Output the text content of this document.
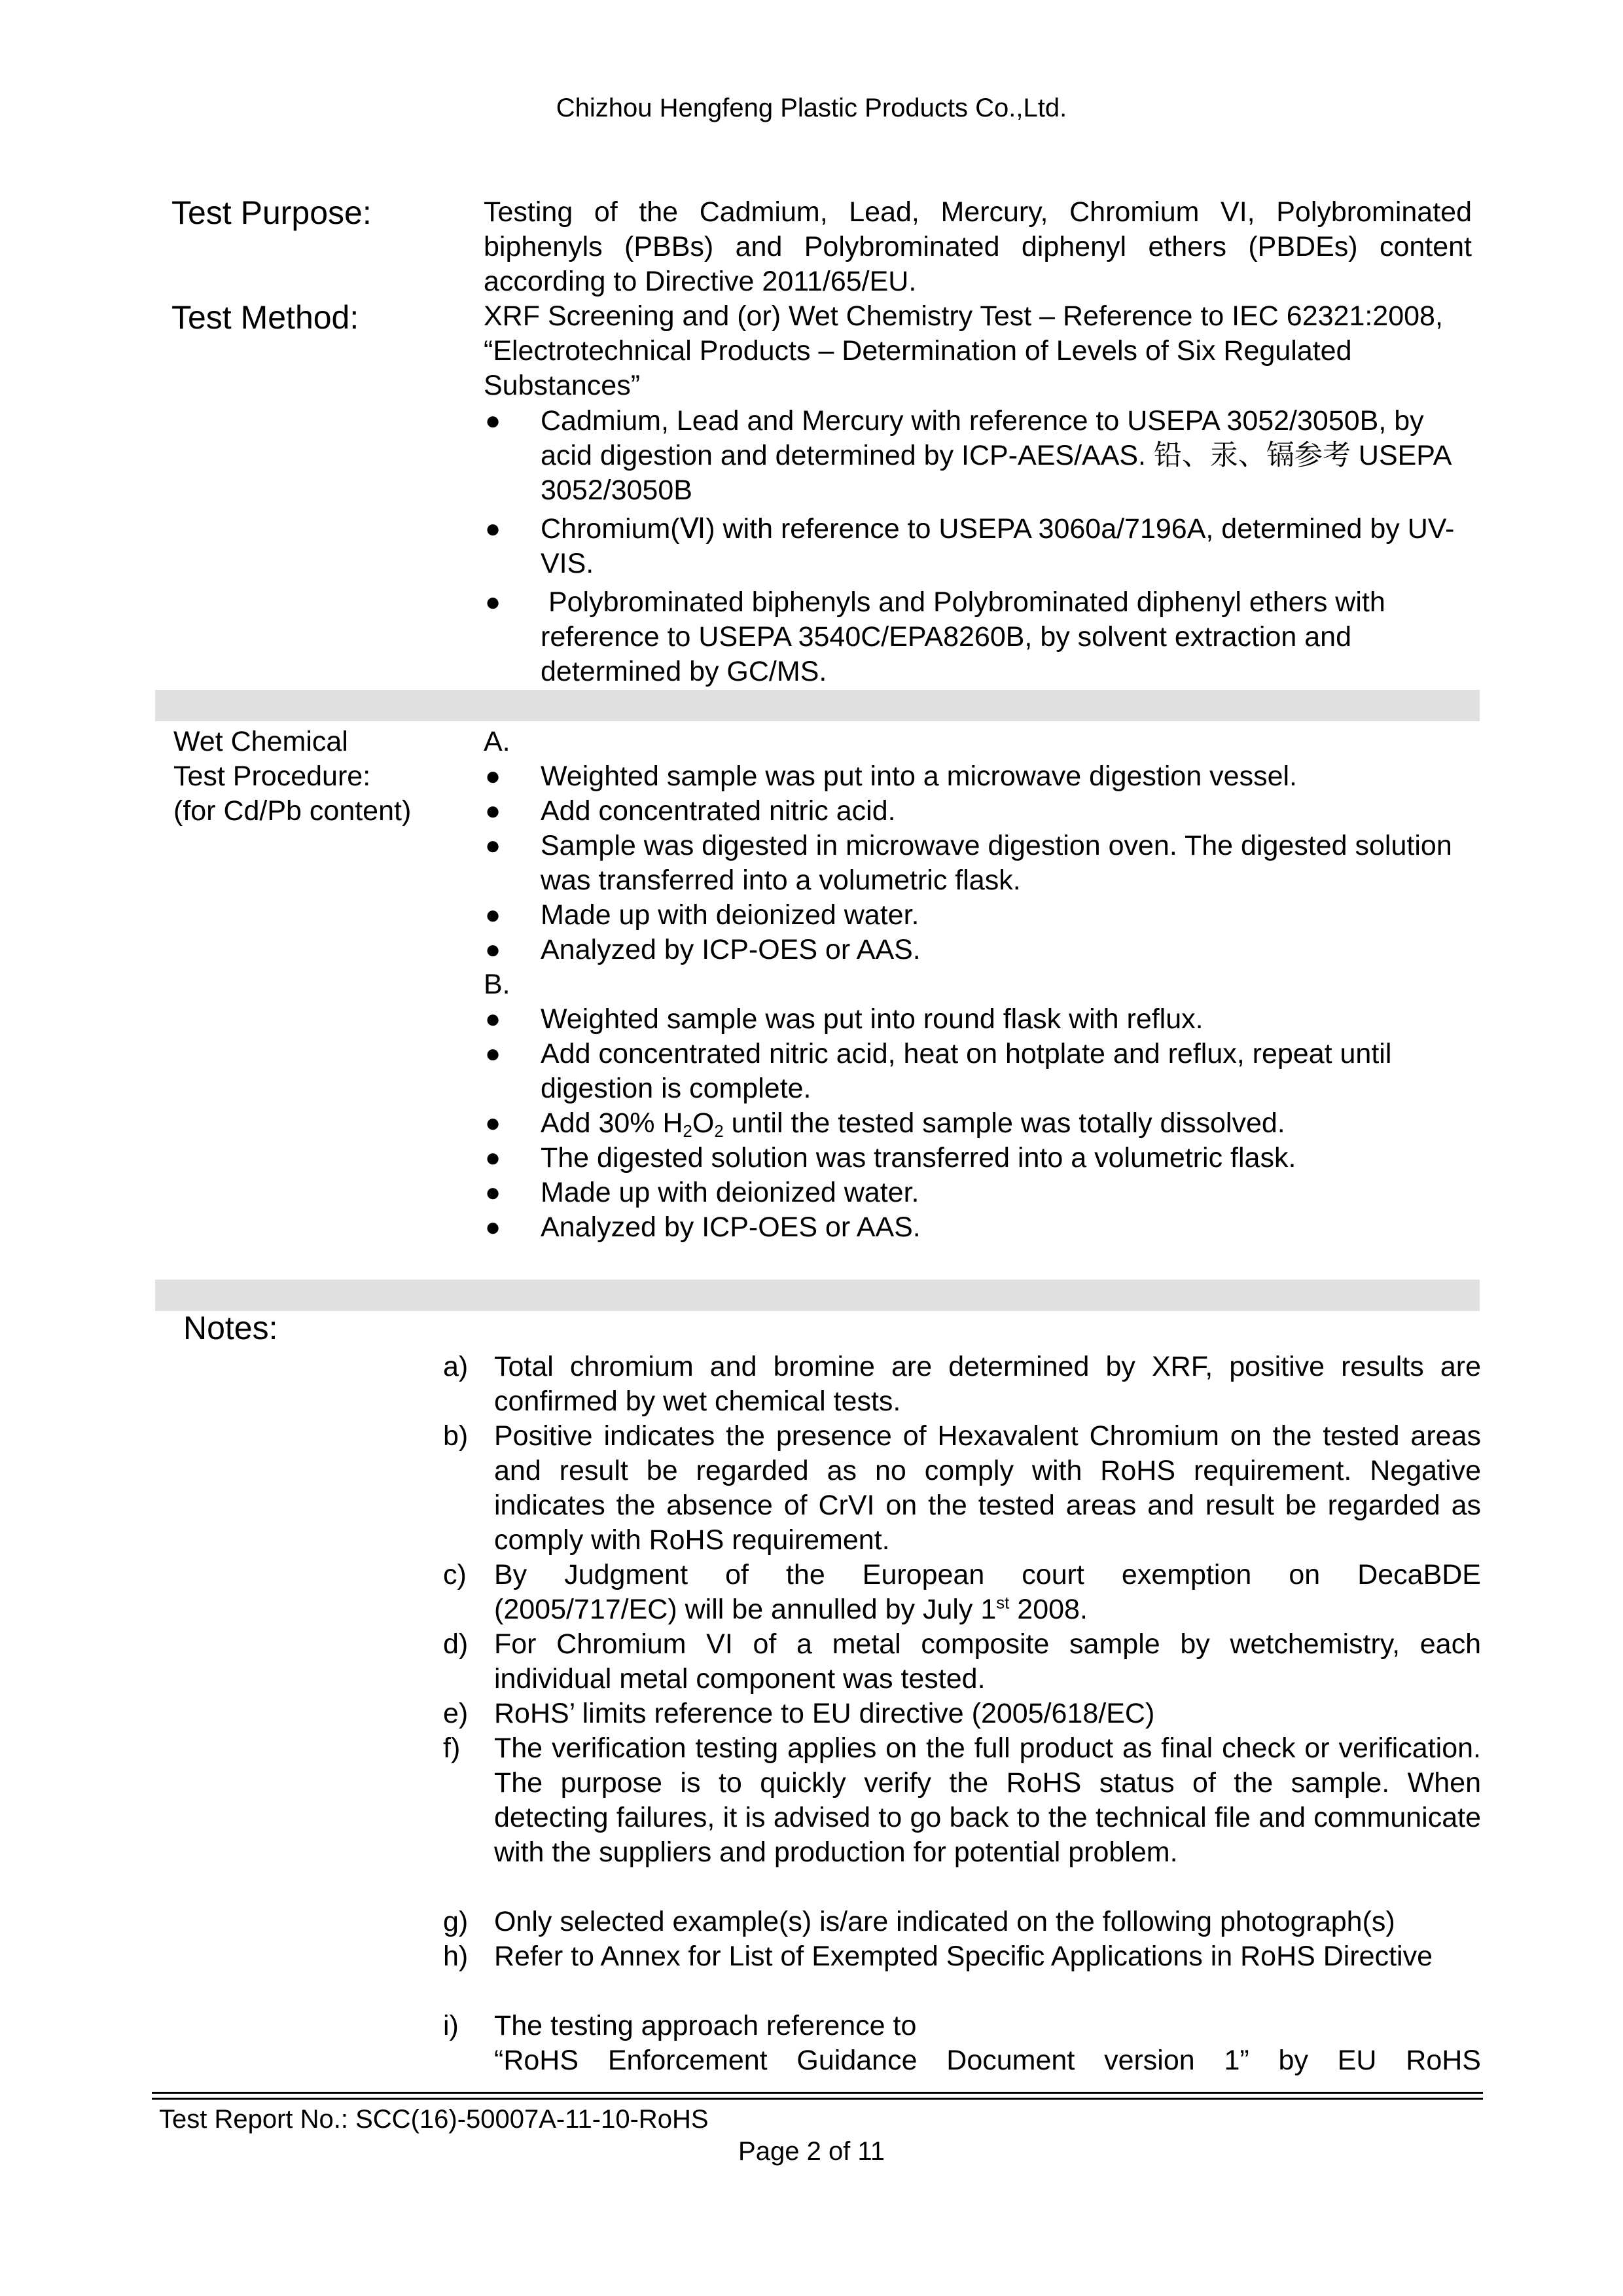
Chizhou Hengfeng Plastic Products Co.,Ltd.
Test Purpose:	Testing of the Cadmium, Lead, Mercury, Chromium VI, Polybrominated biphenyls (PBBs) and Polybrominated diphenyl ethers (PBDEs) content according to Directive 2011/65/EU.
Test Method:	XRF Screening and (or) Wet Chemistry Test – Reference to IEC 62321:2008, “Electrotechnical Products – Determination of Levels of Six Regulated Substances”
● Cadmium, Lead and Mercury with reference to USEPA 3052/3050B, by acid digestion and determined by ICP-AES/AAS. 铅、汞、镉参考 USEPA 3052/3050B
● Chromium(Ⅵ) with reference to USEPA 3060a/7196A, determined by UV-VIS.
● Polybrominated biphenyls and Polybrominated diphenyl ethers with reference to USEPA 3540C/EPA8260B, by solvent extraction and determined by GC/MS.
Wet Chemical
Test Procedure:
(for Cd/Pb content)
A.
● Weighted sample was put into a microwave digestion vessel.
● Add concentrated nitric acid.
● Sample was digested in microwave digestion oven. The digested solution was transferred into a volumetric flask.
● Made up with deionized water.
● Analyzed by ICP-OES or AAS.
B.
● Weighted sample was put into round flask with reflux.
● Add concentrated nitric acid, heat on hotplate and reflux, repeat until digestion is complete.
● Add 30% $H_2O_2$ until the tested sample was totally dissolved.
● The digested solution was transferred into a volumetric flask.
● Made up with deionized water.
● Analyzed by ICP-OES or AAS.
Notes:
a) Total chromium and bromine are determined by XRF, positive results are confirmed by wet chemical tests.
b) Positive indicates the presence of Hexavalent Chromium on the tested areas and result be regarded as no comply with RoHS requirement. Negative indicates the absence of CrVI on the tested areas and result be regarded as comply with RoHS requirement.
c) By Judgment of the European court exemption on DecaBDE
(2005/717/EC) will be annulled by July 1st 2008.
d) For Chromium VI of a metal composite sample by wetchemistry, each individual metal component was tested.
e) RoHS’ limits reference to EU directive (2005/618/EC)
f)	The verification testing applies on the full product as final check or verification. The purpose is to quickly verify the RoHS status of the sample. When detecting failures, it is advised to go back to the technical file and communicate with the suppliers and production for potential problem.
g) Only selected example(s) is/are indicated on the following photograph(s)
h) Refer to Annex for List of Exempted Specific Applications in RoHS Directive
i)	The testing approach reference to
“RoHS Enforcement Guidance Document version 1” by EU RoHS
Test Report No.: SCC(16)-50007A-11-10-RoHS
Page 2 of 11
